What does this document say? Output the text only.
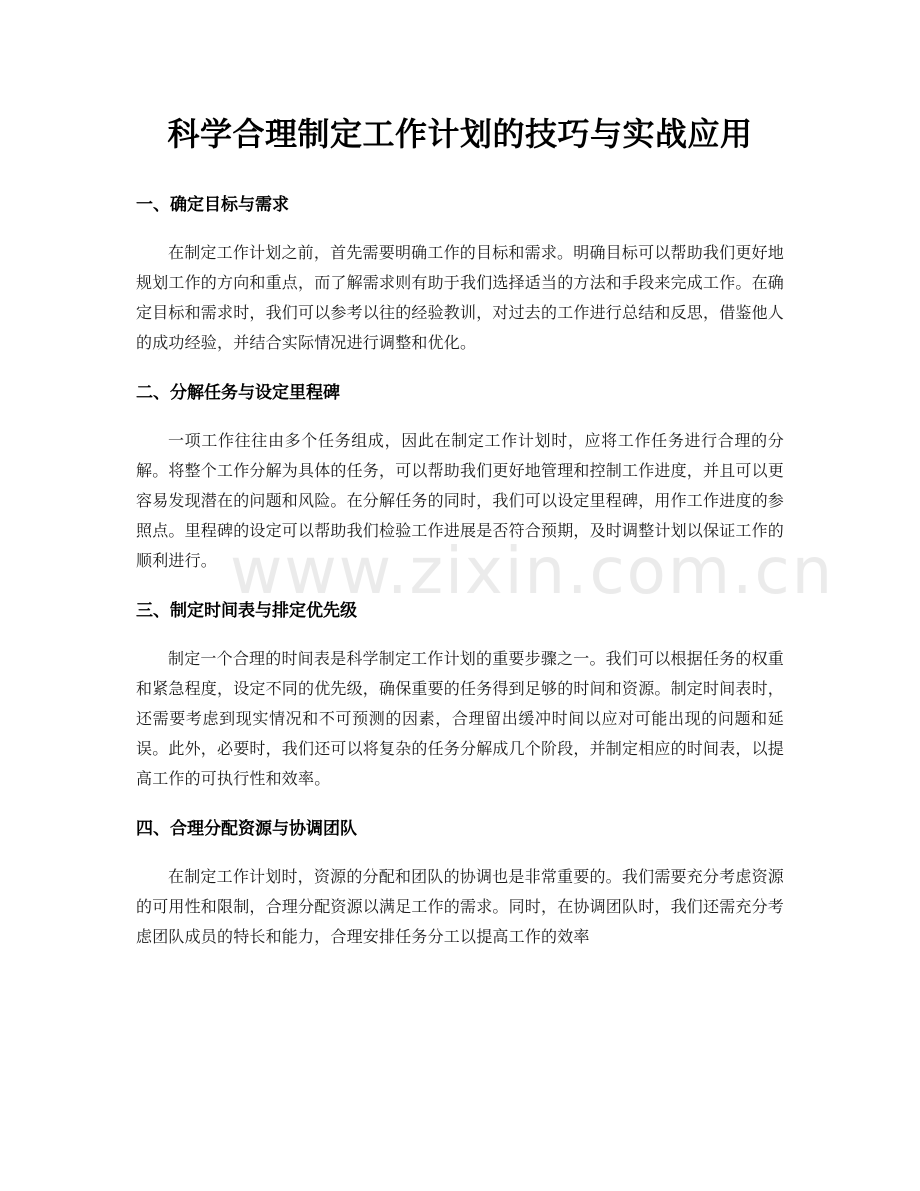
www.zixin.com.cn
科学合理制定工作计划的技巧与实战应用
一、确定目标与需求

在制定工作计划之前，首先需要明确工作的目标和需求。明确目标可以帮助我们更好地规划工作的方向和重点，而了解需求则有助于我们选择适当的方法和手段来完成工作。在确定目标和需求时，我们可以参考以往的经验教训，对过去的工作进行总结和反思，借鉴他人的成功经验，并结合实际情况进行调整和优化。

二、分解任务与设定里程碑

一项工作往往由多个任务组成，因此在制定工作计划时，应将工作任务进行合理的分解。将整个工作分解为具体的任务，可以帮助我们更好地管理和控制工作进度，并且可以更容易发现潜在的问题和风险。在分解任务的同时，我们可以设定里程碑，用作工作进度的参照点。里程碑的设定可以帮助我们检验工作进展是否符合预期，及时调整计划以保证工作的顺利进行。

三、制定时间表与排定优先级

制定一个合理的时间表是科学制定工作计划的重要步骤之一。我们可以根据任务的权重和紧急程度，设定不同的优先级，确保重要的任务得到足够的时间和资源。制定时间表时，还需要考虑到现实情况和不可预测的因素，合理留出缓冲时间以应对可能出现的问题和延误。此外，必要时，我们还可以将复杂的任务分解成几个阶段，并制定相应的时间表，以提高工作的可执行性和效率。

四、合理分配资源与协调团队

在制定工作计划时，资源的分配和团队的协调也是非常重要的。我们需要充分考虑资源的可用性和限制，合理分配资源以满足工作的需求。同时，在协调团队时，我们还需充分考虑团队成员的特长和能力，合理安排任务分工以提高工作的效率
